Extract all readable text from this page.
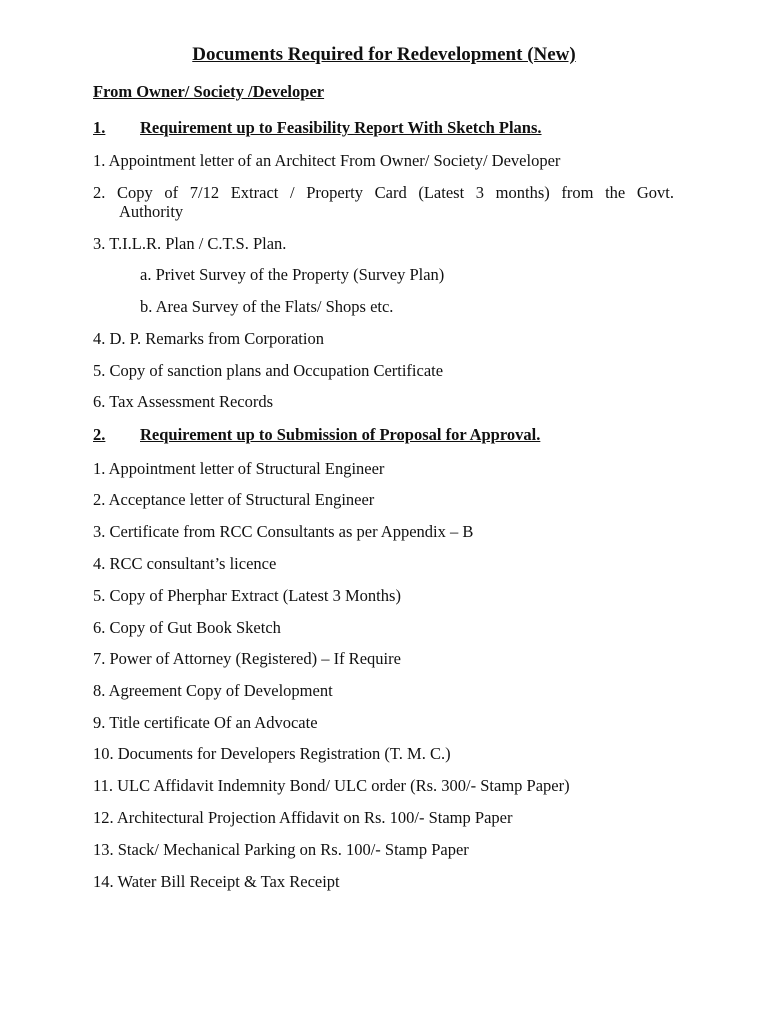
Documents Required for Redevelopment (New)
From Owner/ Society /Developer
1. Requirement up to Feasibility Report With Sketch Plans.
1. Appointment letter of an Architect From Owner/ Society/ Developer
2. Copy of 7/12 Extract / Property Card (Latest 3 months) from the Govt.
Authority
3. T.I.L.R. Plan / C.T.S. Plan.
a. Privet Survey of the Property (Survey Plan)
b. Area Survey of the Flats/ Shops etc.
4. D. P. Remarks from Corporation
5. Copy of sanction plans and Occupation Certificate
6. Tax Assessment Records
2. Requirement up to Submission of Proposal for Approval.
1. Appointment letter of Structural Engineer
2. Acceptance letter of Structural Engineer
3. Certificate from RCC Consultants as per Appendix – B
4. RCC consultant’s licence
5. Copy of Pherphar Extract (Latest 3 Months)
6. Copy of Gut Book Sketch
7. Power of Attorney (Registered) – If Require
8. Agreement Copy of Development
9. Title certificate Of an Advocate
10. Documents for Developers Registration (T. M. C.)
11. ULC Affidavit Indemnity Bond/ ULC order (Rs. 300/- Stamp Paper)
12. Architectural Projection Affidavit on Rs. 100/- Stamp Paper
13. Stack/ Mechanical Parking on Rs. 100/- Stamp Paper
14. Water Bill Receipt & Tax Receipt
